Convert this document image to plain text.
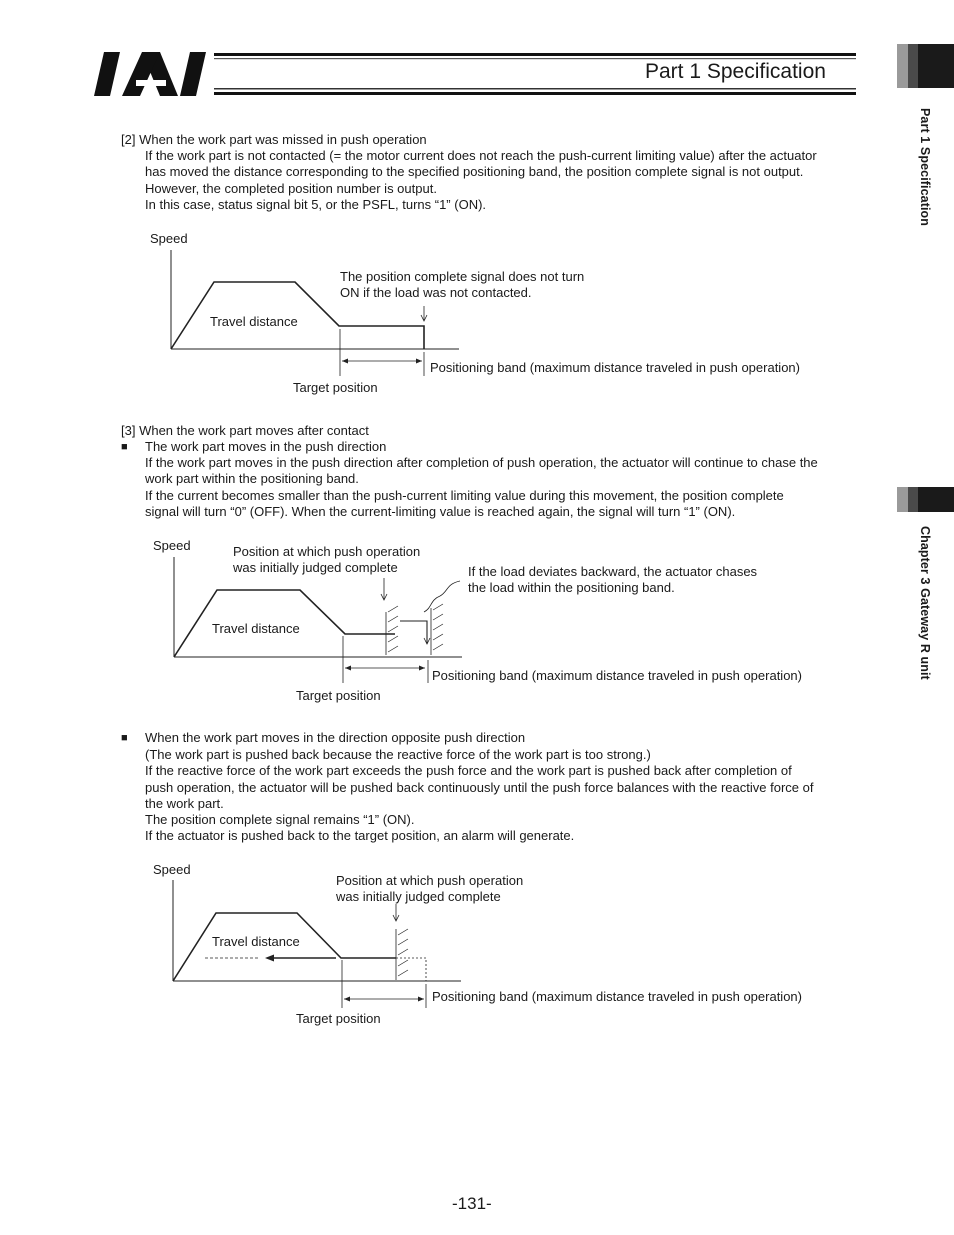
Part 1 Specification
Part 1 Specification
Chapter 3 Gateway R unit
[2] When the work part was missed in push operation

If the work part is not contacted (= the motor current does not reach the push-current limiting value) after the actuator

has moved the distance corresponding to the specified positioning band, the position complete signal is not output.

However, the completed position number is output.

In this case, status signal bit 5, or the PSFL, turns “1” (ON).

Speed
Travel distance
The position complete signal does not turn
ON if the load was not contacted.
Positioning band (maximum distance traveled in push operation)
Target position
[3] When the work part moves after contact
■ The work part moves in the push direction

If the work part moves in the push direction after completion of push operation, the actuator will continue to chase the

work part within the positioning band.

If the current becomes smaller than the push-current limiting value during this movement, the position complete

signal will turn “0” (OFF). When the current-limiting value is reached again, the signal will turn “1” (ON).

Speed	Position at which push operation
was initially judged complete	If the load deviates backward, the actuator chases
the load within the positioning band.
Travel distance
Positioning band (maximum distance traveled in push operation)
Target position
■ When the work part moves in the direction opposite push direction

(The work part is pushed back because the reactive force of the work part is too strong.)

If the reactive force of the work part exceeds the push force and the work part is pushed back after completion of

push operation, the actuator will be pushed back continuously until the push force balances with the reactive force of

the work part.

The position complete signal remains “1” (ON).

If the actuator is pushed back to the target position, an alarm will generate.

Speed
Position at which push operation
was initially judged complete
Travel distance
Positioning band (maximum distance traveled in push operation)
Target position
-131-
